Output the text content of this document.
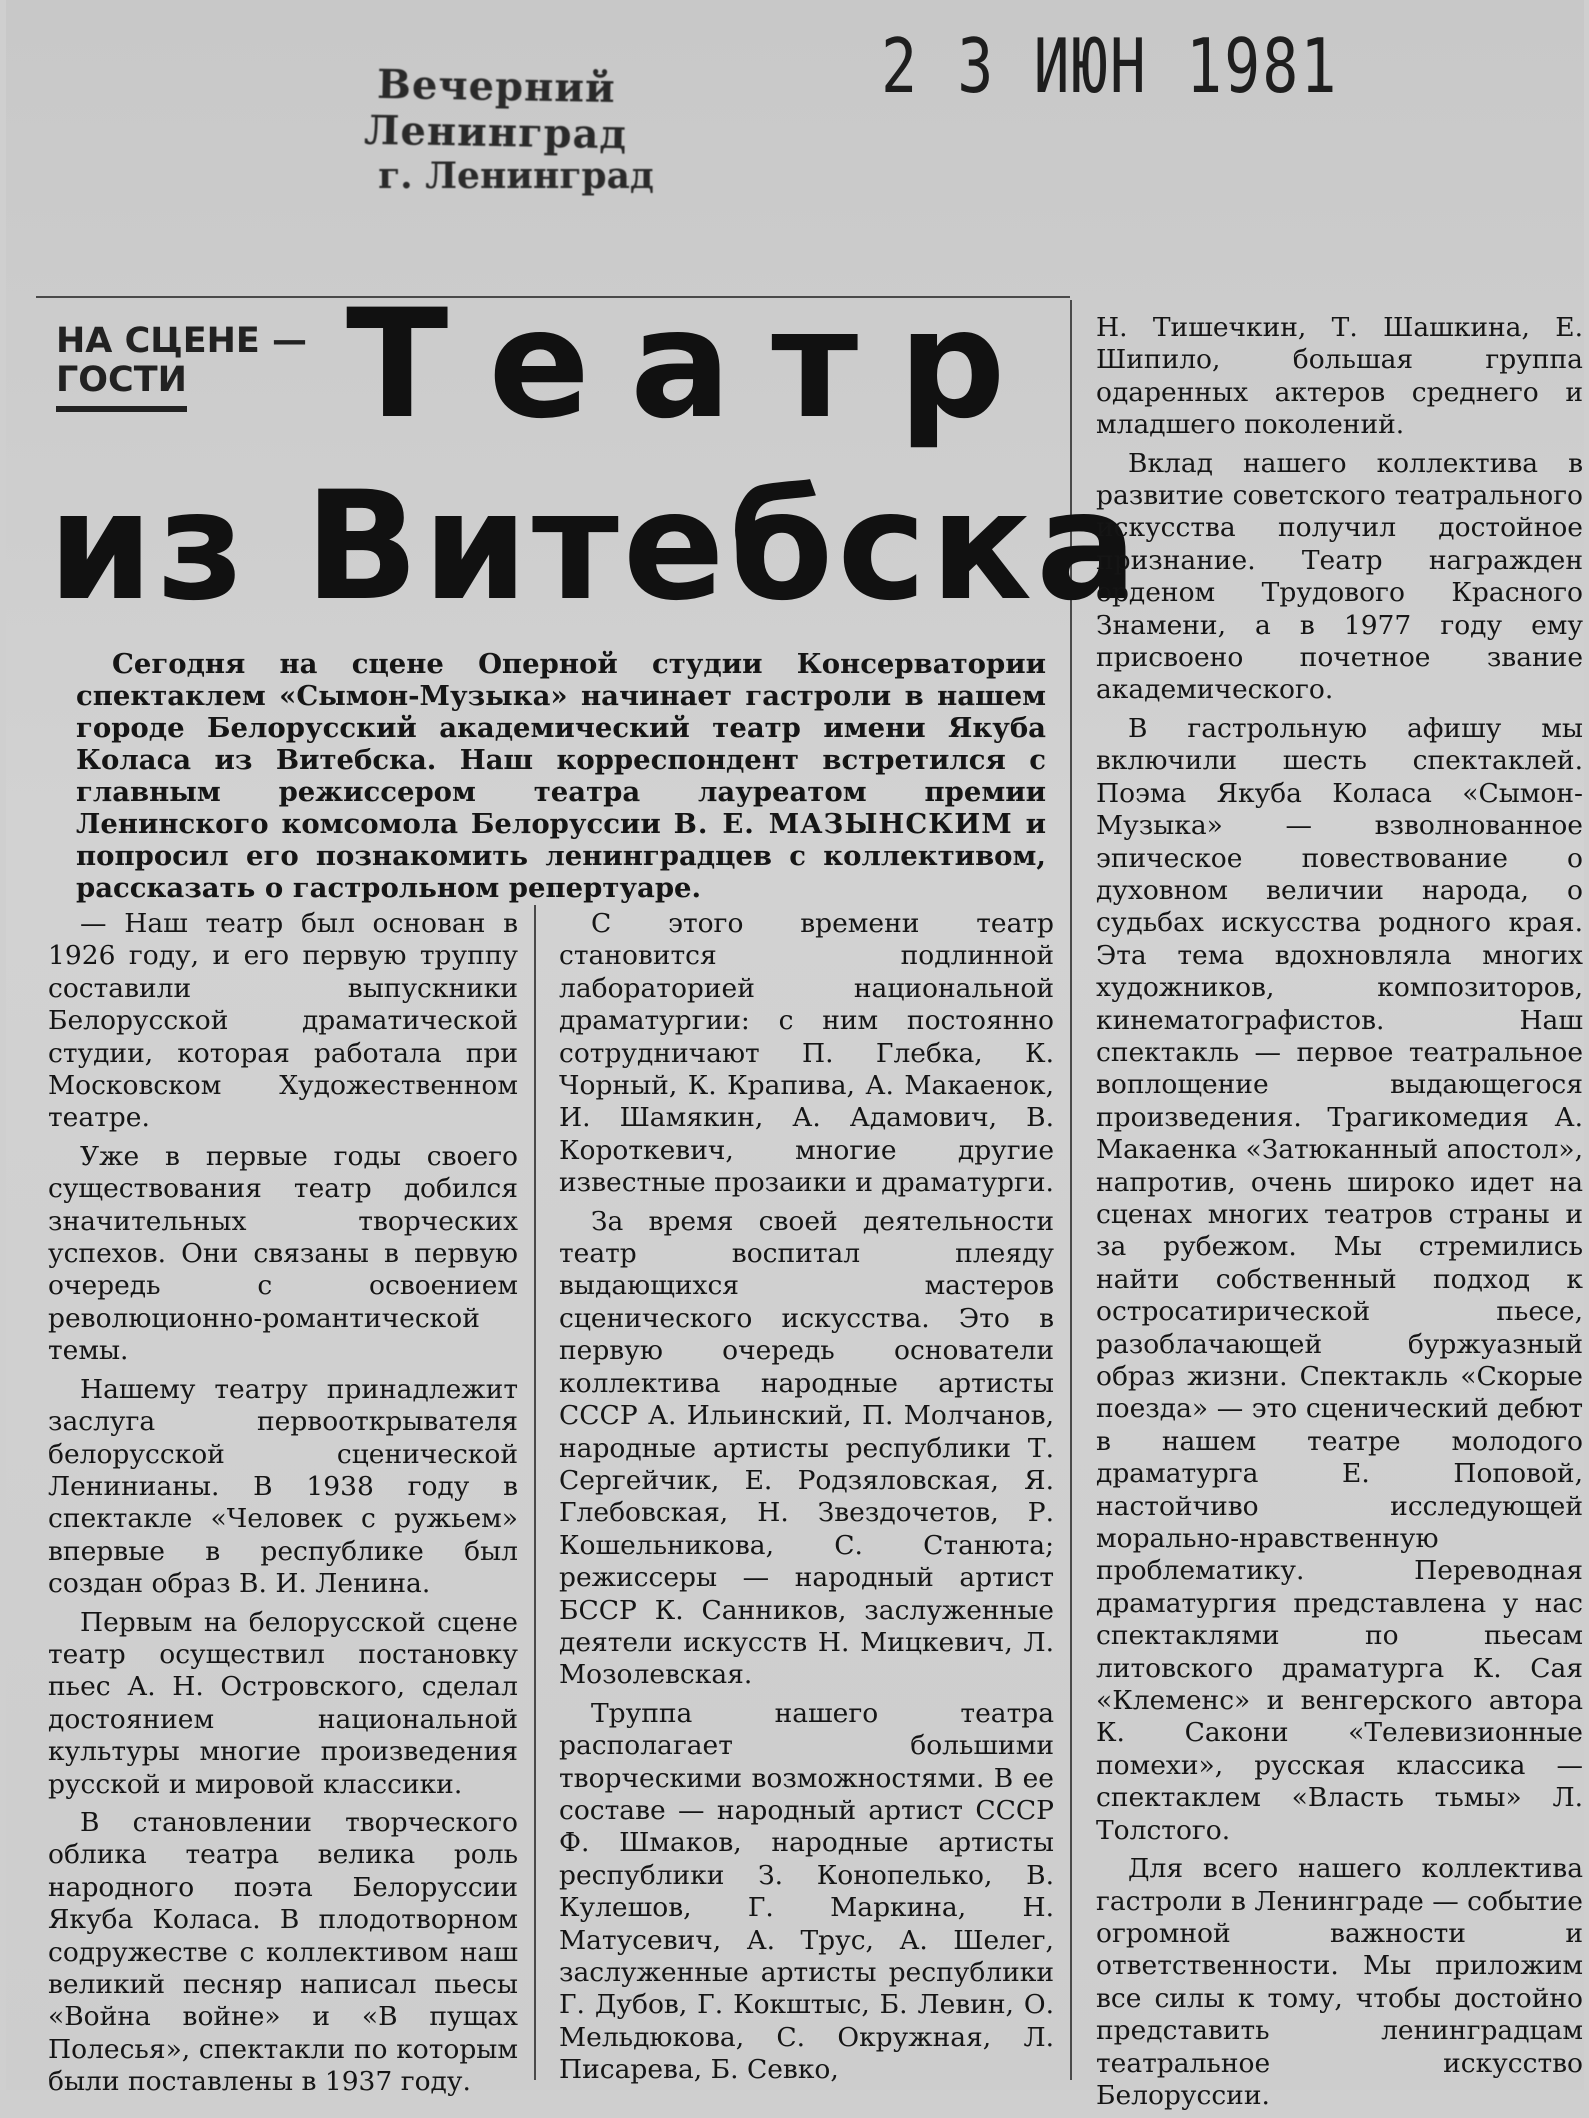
Вечерний Ленинград
г. Ленинград
2 3 ИЮН 1981
НА СЦЕНЕ —
ГОСТИ	Театр
из Витебска
Сегодня на сцене Оперной студии Консерватории спектаклем «Сымон-Музыка» начинает гастроли в нашем городе Белорусский академический театр имени Якуба Коласа из Витебска. Наш корреспондент встретился с главным режиссером театра лауреатом премии Ленинского комсомола Белоруссии В. Е. МАЗЫНСКИМ и попросил его познакомить ленинградцев с коллективом, рассказать о гастрольном репертуаре.

— Наш театр был основан в 1926 году, и его первую труппу составили выпускники Белорусской драматической студии, которая работала при Московском Художественном театре.

Уже в первые годы своего существования театр добился значительных творческих успехов. Они связаны в первую очередь с освоением революционно-романтической темы.

Нашему театру принадлежит заслуга первооткрывателя белорусской сценической Ленинианы. В 1938 году в спектакле «Человек с ружьем» впервые в республике был создан образ В. И. Ленина.

Первым на белорусской сцене театр осуществил постановку пьес А. Н. Островского, сделал достоянием национальной культуры многие произведения русской и мировой классики.

В становлении творческого облика театра велика роль народного поэта Белоруссии Якуба Коласа. В плодотворном содружестве с коллективом наш великий песняр написал пьесы «Война войне» и «В пущах Полесья», спектакли по которым были поставлены в 1937 году.

С этого времени театр становится подлинной лабораторией национальной драматургии: с ним постоянно сотрудничают П. Глебка, К. Чорный, К. Крапива, А. Макаенок, И. Шамякин, А. Адамович, В. Короткевич, многие другие известные прозаики и драматурги.

За время своей деятельности театр воспитал плеяду выдающихся мастеров сценического искусства. Это в первую очередь основатели коллектива народные артисты СССР А. Ильинский, П. Молчанов, народные артисты республики Т. Сергейчик, Е. Родзяловская, Я. Глебовская, Н. Звездочетов, Р. Кошельникова, С. Станюта; режиссеры — народный артист БССР К. Санников, заслуженные деятели искусств Н. Мицкевич, Л. Мозолевская.

Труппа нашего театра располагает большими творческими возможностями. В ее составе — народный артист СССР Ф. Шмаков, народные артисты республики З. Конопелько, В. Кулешов, Г. Маркина, Н. Матусевич, А. Трус, А. Шелег, заслуженные артисты республики Г. Дубов, Г. Кокштыс, Б. Левин, О. Мельдюкова, С. Окружная, Л. Писарева, Б. Севко,

Н. Тишечкин, Т. Шашкина, Е. Шипило, большая группа одаренных актеров среднего и младшего поколений.

Вклад нашего коллектива в развитие советского театрального искусства получил достойное признание. Театр награжден орденом Трудового Красного Знамени, а в 1977 году ему присвоено почетное звание академического.

В гастрольную афишу мы включили шесть спектаклей. Поэма Якуба Коласа «Сымон-Музыка» — взволнованное эпическое повествование о духовном величии народа, о судьбах искусства родного края. Эта тема вдохновляла многих художников, композиторов, кинематографистов. Наш спектакль — первое театральное воплощение выдающегося произведения. Трагикомедия А. Макаенка «Затюканный апостол», напротив, очень широко идет на сценах многих театров страны и за рубежом. Мы стремились найти собственный подход к остросатирической пьесе, разоблачающей буржуазный образ жизни. Спектакль «Скорые поезда» — это сценический дебют в нашем театре молодого драматурга Е. Поповой, настойчиво исследующей морально-нравственную проблематику. Переводная драматургия представлена у нас спектаклями по пьесам литовского драматурга К. Сая «Клеменс» и венгерского автора К. Сакони «Телевизионные помехи», русская классика — спектаклем «Власть тьмы» Л. Толстого.

Для всего нашего коллектива гастроли в Ленинграде — событие огромной важности и ответственности. Мы приложим все силы к тому, чтобы достойно представить ленинградцам театральное искусство Белоруссии.
